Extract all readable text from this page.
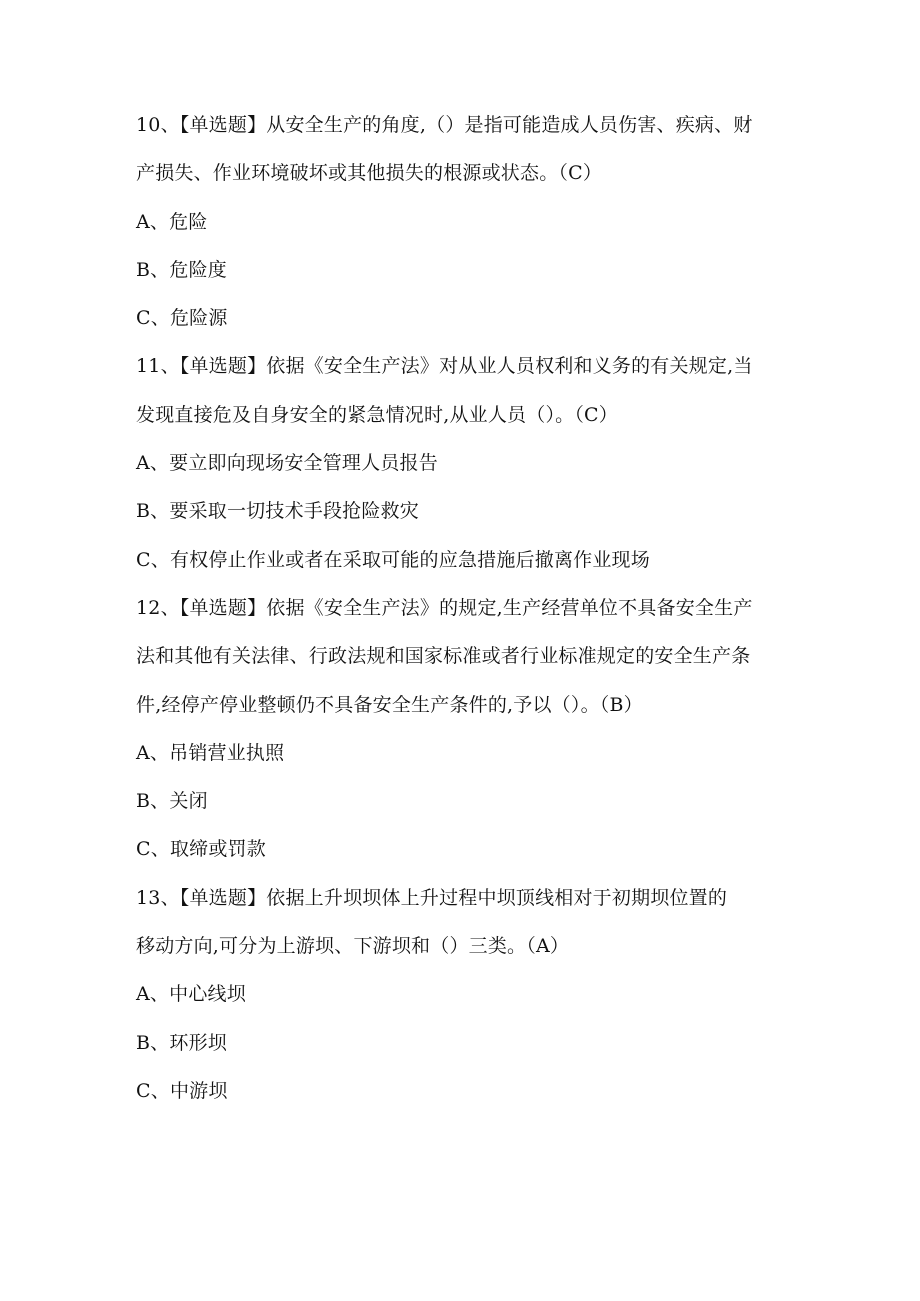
10、【单选题】从安全生产的角度,（）是指可能造成人员伤害、疾病、财
产损失、作业环境破坏或其他损失的根源或状态。（C）
A、危险
B、危险度
C、危险源
11、【单选题】依据《安全生产法》对从业人员权利和义务的有关规定,当
发现直接危及自身安全的紧急情况时,从业人员（）。（C）
A、要立即向现场安全管理人员报告
B、要采取一切技术手段抢险救灾
C、有权停止作业或者在采取可能的应急措施后撤离作业现场
12、【单选题】依据《安全生产法》的规定,生产经营单位不具备安全生产
法和其他有关法律、行政法规和国家标准或者行业标准规定的安全生产条
件,经停产停业整顿仍不具备安全生产条件的,予以（）。（B）
A、吊销营业执照
B、关闭
C、取缔或罚款
13、【单选题】依据上升坝坝体上升过程中坝顶线相对于初期坝位置的
移动方向,可分为上游坝、下游坝和（）三类。（A）
A、中心线坝
B、环形坝
C、中游坝
